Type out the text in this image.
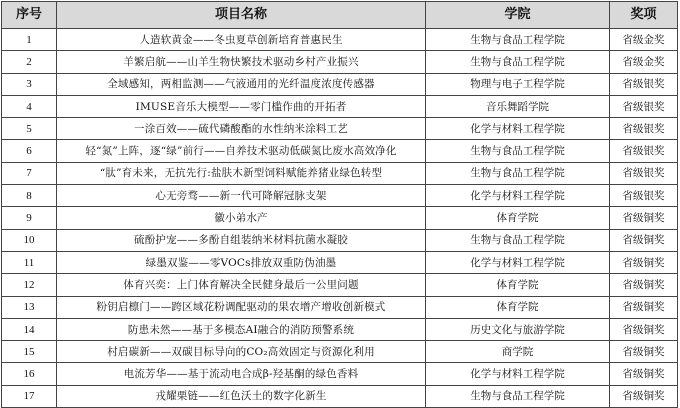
序号	项目名称	学院	奖项
1	人造软黄金——冬虫夏草创新培育普惠民生	生物与食品工程学院	省级金奖
2	羊繁启航——山羊生物快繁技术驱动乡村产业振兴	生物与食品工程学院	省级金奖
3	全域感知，两相监测——气液通用的光纤温度浓度传感器	物理与电子工程学院	省级银奖
4	IMUSE音乐大模型——零门槛作曲的开拓者	音乐舞蹈学院	省级银奖
5	一涂百效——硫代磷酸酯的水性纳米涂料工艺	化学与材料工程学院	省级银奖
6	轻“氮”上阵，逐“绿”前行——自养技术驱动低碳氮比废水高效净化	生物与食品工程学院	省级银奖
7	“肽”育未来，无抗先行:盐肤木新型饲料赋能养猪业绿色转型	生物与食品工程学院	省级银奖
8	心无旁骛——新一代可降解冠脉支架	化学与材料工程学院	省级银奖
9	徽小弟水产	体育学院	省级铜奖
10	硫酚护宠——多酚自组装纳米材料抗菌水凝胶	生物与食品工程学院	省级铜奖
11	绿墨双鉴——零VOCs排放双重防伪油墨	化学与材料工程学院	省级铜奖
12	体育兴奕：上门体育解决全民健身最后一公里问题	体育学院	省级铜奖
13	粉钥启檩门——跨区域花粉调配驱动的果农增产增收创新模式	体育学院	省级铜奖
14	防患未然——基于多模态AI融合的消防预警系统	历史文化与旅游学院	省级铜奖
15	村启碳新——双碳目标导向的CO₂高效固定与资源化利用	商学院	省级铜奖
16	电流芳华——基于流动电合成β-羟基酮的绿色香料	化学与材料工程学院	省级铜奖
17	戎耀栗链——红色沃土的数字化新生	生物与食品工程学院	省级铜奖
